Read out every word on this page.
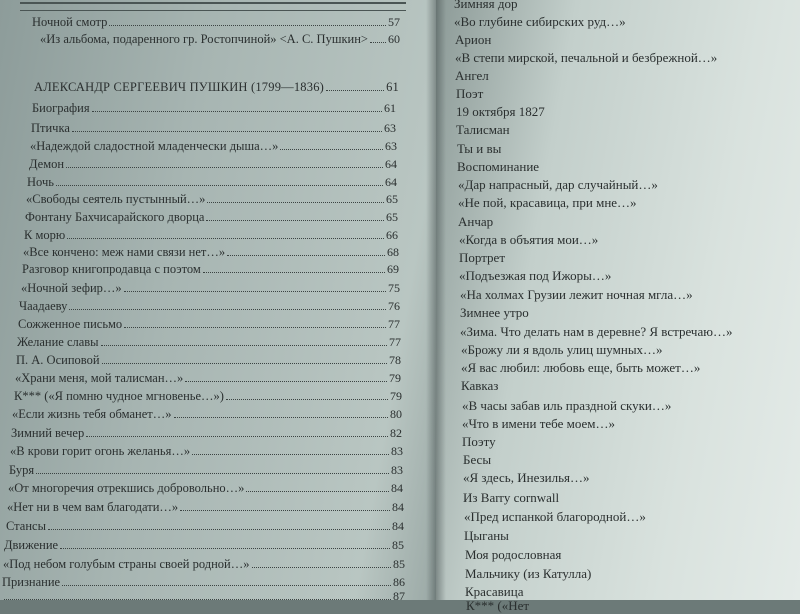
Ночной смотр	57
«Из альбома, подаренного гр. Ростопчиной» <А. С. Пушкин> 60
АЛЕКСАНДР СЕРГЕЕВИЧ ПУШКИН (1799—1836)	61
Биография	61
Птичка	63
«Надеждой сладостной младенчески дыша…»	63
Демон	64
Ночь	64
«Свободы сеятель пустынный…»	65
Фонтану Бахчисарайского дворца	65
К морю	66
«Все кончено: меж нами связи нет…»	68
Разговор книгопродавца с поэтом	69
«Ночной зефир…»	75
Чаадаеву	76
Сожженное письмо	77
Желание славы	77
П. А. Осиповой	78
«Храни меня, мой талисман…»	79
К*** («Я помню чудное мгновенье…»)	79
«Если жизнь тебя обманет…»	80
Зимний вечер	82
«В крови горит огонь желанья…»	83
Буря	83
«От многоречия отрекшись добровольно…»	84
«Нет ни в чем вам благодати…»	84
Стансы	84
Движение	85
«Под небом голубым страны своей родной…»	85
Признание	86
87
Зимняя дор
«Во глубине сибирских руд…»
Арион
«В степи мирской, печальной и безбрежной…»
Ангел
Поэт
19 октября 1827
Талисман
Ты и вы
Воспоминание
«Дар напрасный, дар случайный…»
«Не пой, красавица, при мне…»
Анчар
«Когда в объятия мои…»
Портрет
«Подъезжая под Ижоры…»
«На холмах Грузии лежит ночная мгла…»
Зимнее утро
«Зима. Что делать нам в деревне? Я встречаю…»
«Брожу ли я вдоль улиц шумных…»
«Я вас любил: любовь еще, быть может…»
Кавказ
«В часы забав иль праздной скуки…»
«Что в имени тебе моем…»
Поэту
Бесы
«Я здесь, Инезилья…»
Из Barry cornwall
«Пред испанкой благородной…»
Цыганы
Моя родословная
Мальчику (из Катулла)
Красавица
К*** («Нет
